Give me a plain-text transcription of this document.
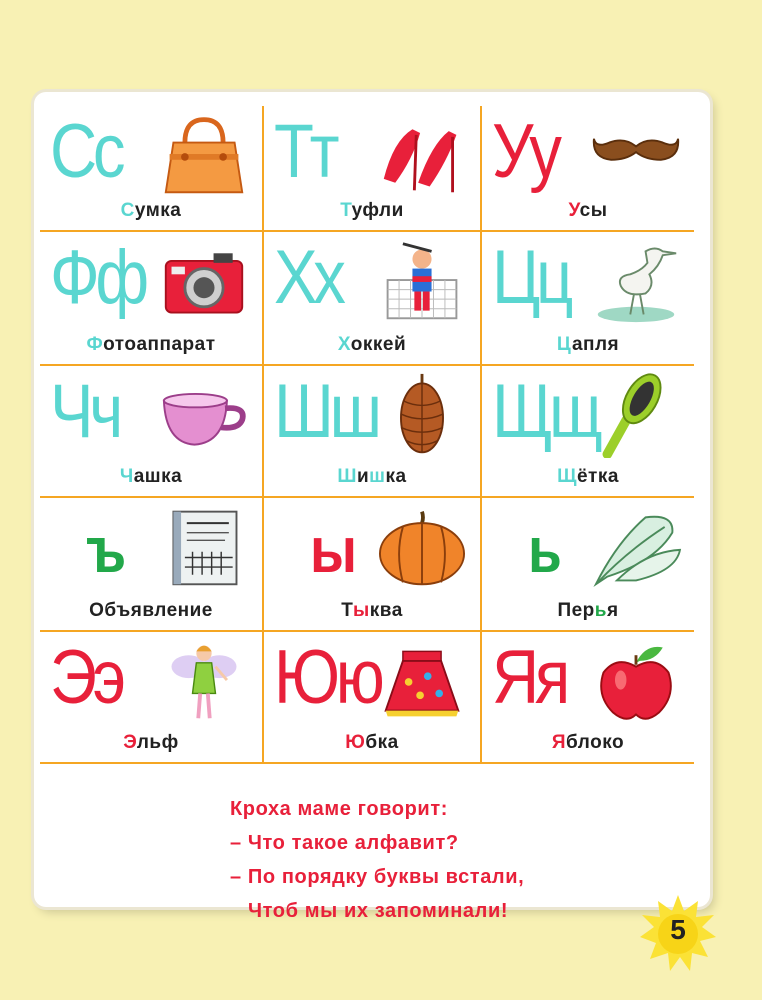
Сс
Сумка
Тт
Туфли
Уу
Усы
Фф
Фотоаппарат
Хх
Хоккей
Цц
Цапля
Чч
Чашка
Шш
Шишка
Щщ
Щётка
ъ
Объявление
ы
Тыква
ь
Перья
Ээ
Эльф
Юю
Юбка
Яя
Яблоко
Кроха маме говорит:
– Что такое алфавит?
– По порядку буквы встали,
Чтоб мы их запоминали!
5
